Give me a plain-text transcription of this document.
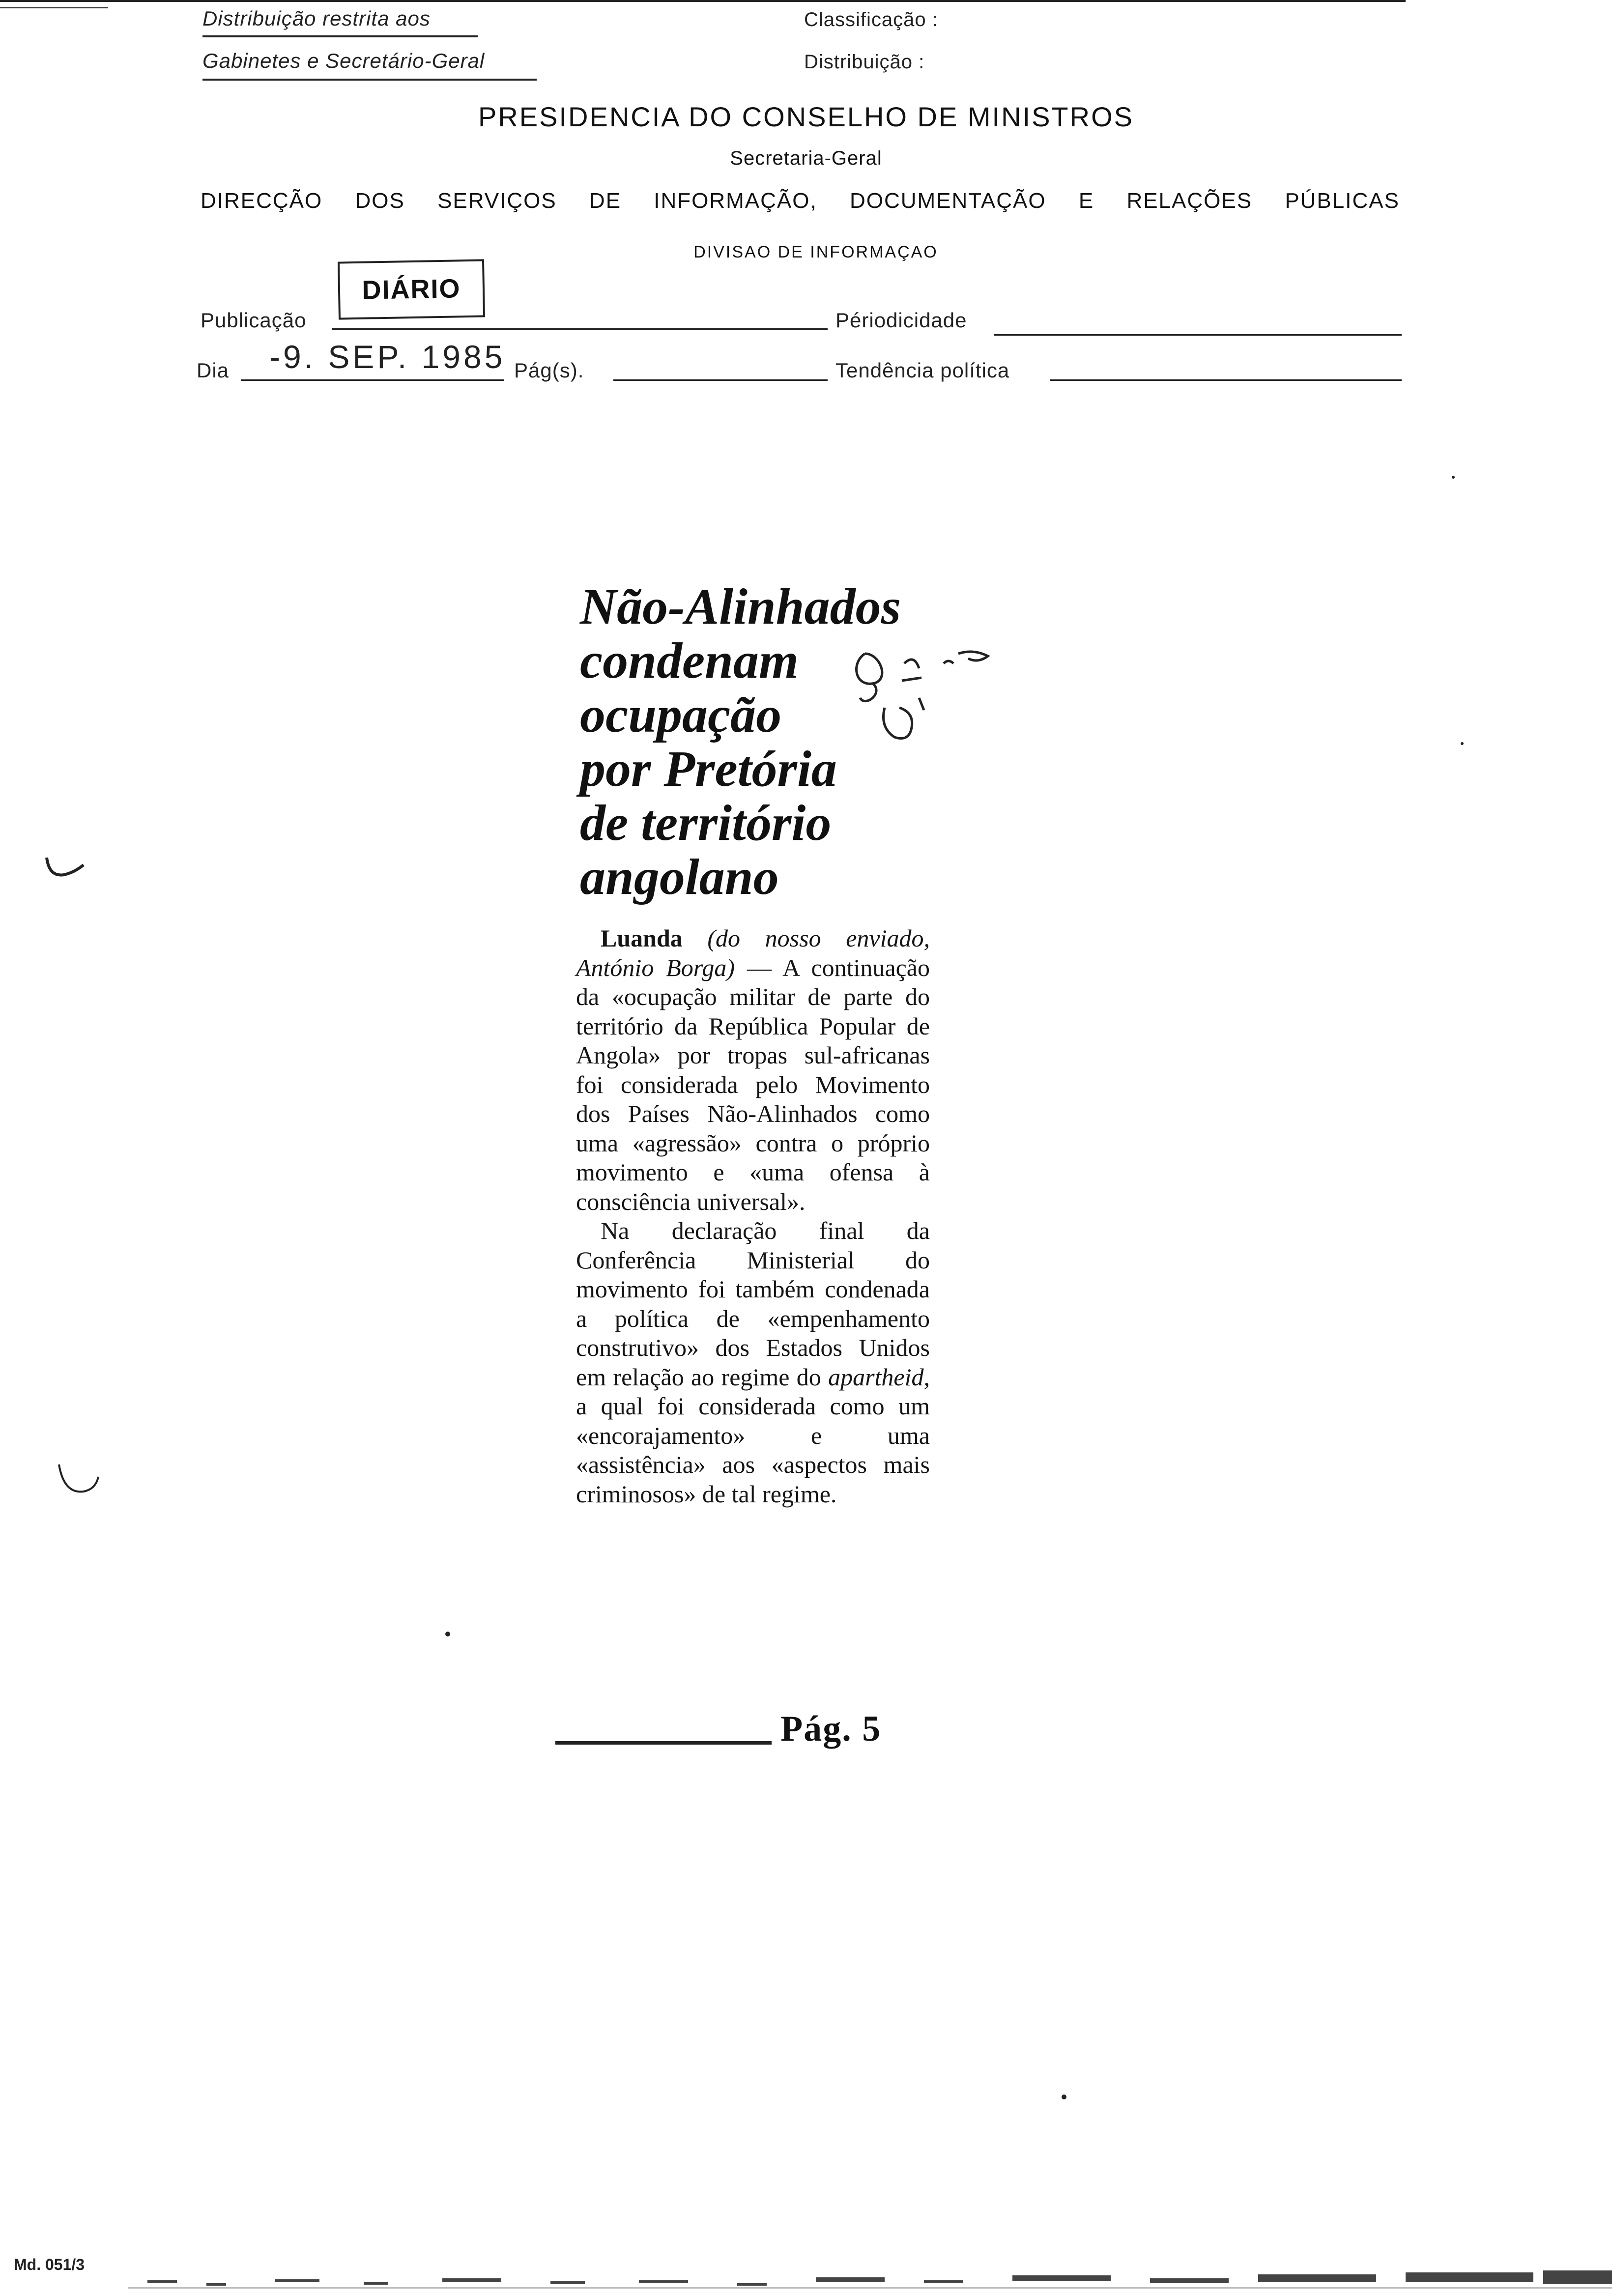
Distribuição restrita aos
Gabinetes e Secretário-Geral
Classificação :
Distribuição :
PRESIDENCIA DO CONSELHO DE MINISTROS
Secretaria-Geral
DIRECÇÃO DOS SERVIÇOS DE INFORMAÇÃO, DOCUMENTAÇÃO E RELAÇÕES PÚBLICAS
DIVISAO DE INFORMAÇAO
DIÁRIO
Publicação	Périodicidade
Dia -9. SEP. 1985 Pág(s).	Tendência política
Não-Alinhados
condenam
ocupação
por Pretória
de território
angolano

Luanda (do nosso enviado, António Borga) — A continuação da «ocupação militar de parte do território da República Popular de Angola» por tropas sul-africanas foi considerada pelo Movimento dos Países Não-Alinhados como uma «agressão» contra o próprio movimento e «uma ofensa à consciência universal».

Na declaração final da Conferência Ministerial do movimento foi também condenada a política de «empenhamento construtivo» dos Estados Unidos em relação ao regime do apartheid, a qual foi considerada como um «encorajamento» e uma «assistência» aos «aspectos mais criminosos» de tal regime.

Pág. 5
Md. 051/3
